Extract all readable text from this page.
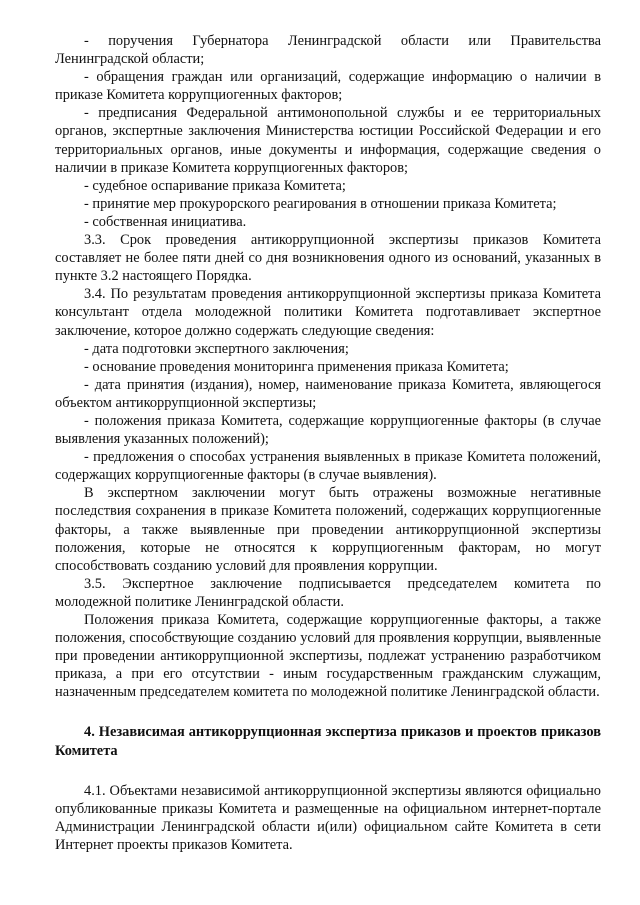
- поручения Губернатора Ленинградской области или Правительства Ленинградской области;

- обращения граждан или организаций, содержащие информацию о наличии в приказе Комитета коррупциогенных факторов;

- предписания Федеральной антимонопольной службы и ее территориальных органов, экспертные заключения Министерства юстиции Российской Федерации и его территориальных органов, иные документы и информация, содержащие сведения о наличии в приказе Комитета коррупциогенных факторов;

- судебное оспаривание приказа Комитета;

- принятие мер прокурорского реагирования в отношении приказа Комитета;

- собственная инициатива.

3.3. Срок проведения антикоррупционной экспертизы приказов Комитета составляет не более пяти дней со дня возникновения одного из оснований, указанных в пункте 3.2 настоящего Порядка.

3.4. По результатам проведения антикоррупционной экспертизы приказа Комитета консультант отдела молодежной политики Комитета подготавливает экспертное заключение, которое должно содержать следующие сведения:

- дата подготовки экспертного заключения;

- основание проведения мониторинга применения приказа Комитета;

- дата принятия (издания), номер, наименование приказа Комитета, являющегося объектом антикоррупционной экспертизы;

- положения приказа Комитета, содержащие коррупциогенные факторы (в случае выявления указанных положений);

- предложения о способах устранения выявленных в приказе Комитета положений, содержащих коррупциогенные факторы (в случае выявления).

В экспертном заключении могут быть отражены возможные негативные последствия сохранения в приказе Комитета положений, содержащих коррупциогенные факторы, а также выявленные при проведении антикоррупционной экспертизы положения, которые не относятся к коррупциогенным факторам, но могут способствовать созданию условий для проявления коррупции.

3.5. Экспертное заключение подписывается председателем комитета по молодежной политике Ленинградской области.

Положения приказа Комитета, содержащие коррупциогенные факторы, а также положения, способствующие созданию условий для проявления коррупции, выявленные при проведении антикоррупционной экспертизы, подлежат устранению разработчиком приказа, а при его отсутствии - иным государственным гражданским служащим, назначенным председателем комитета по молодежной политике Ленинградской области.

4. Независимая антикоррупционная экспертиза приказов и проектов приказов Комитета

4.1. Объектами независимой антикоррупционной экспертизы являются официально опубликованные приказы Комитета и размещенные на официальном интернет-портале Администрации Ленинградской области и(или) официальном сайте Комитета в сети Интернет проекты приказов Комитета.
